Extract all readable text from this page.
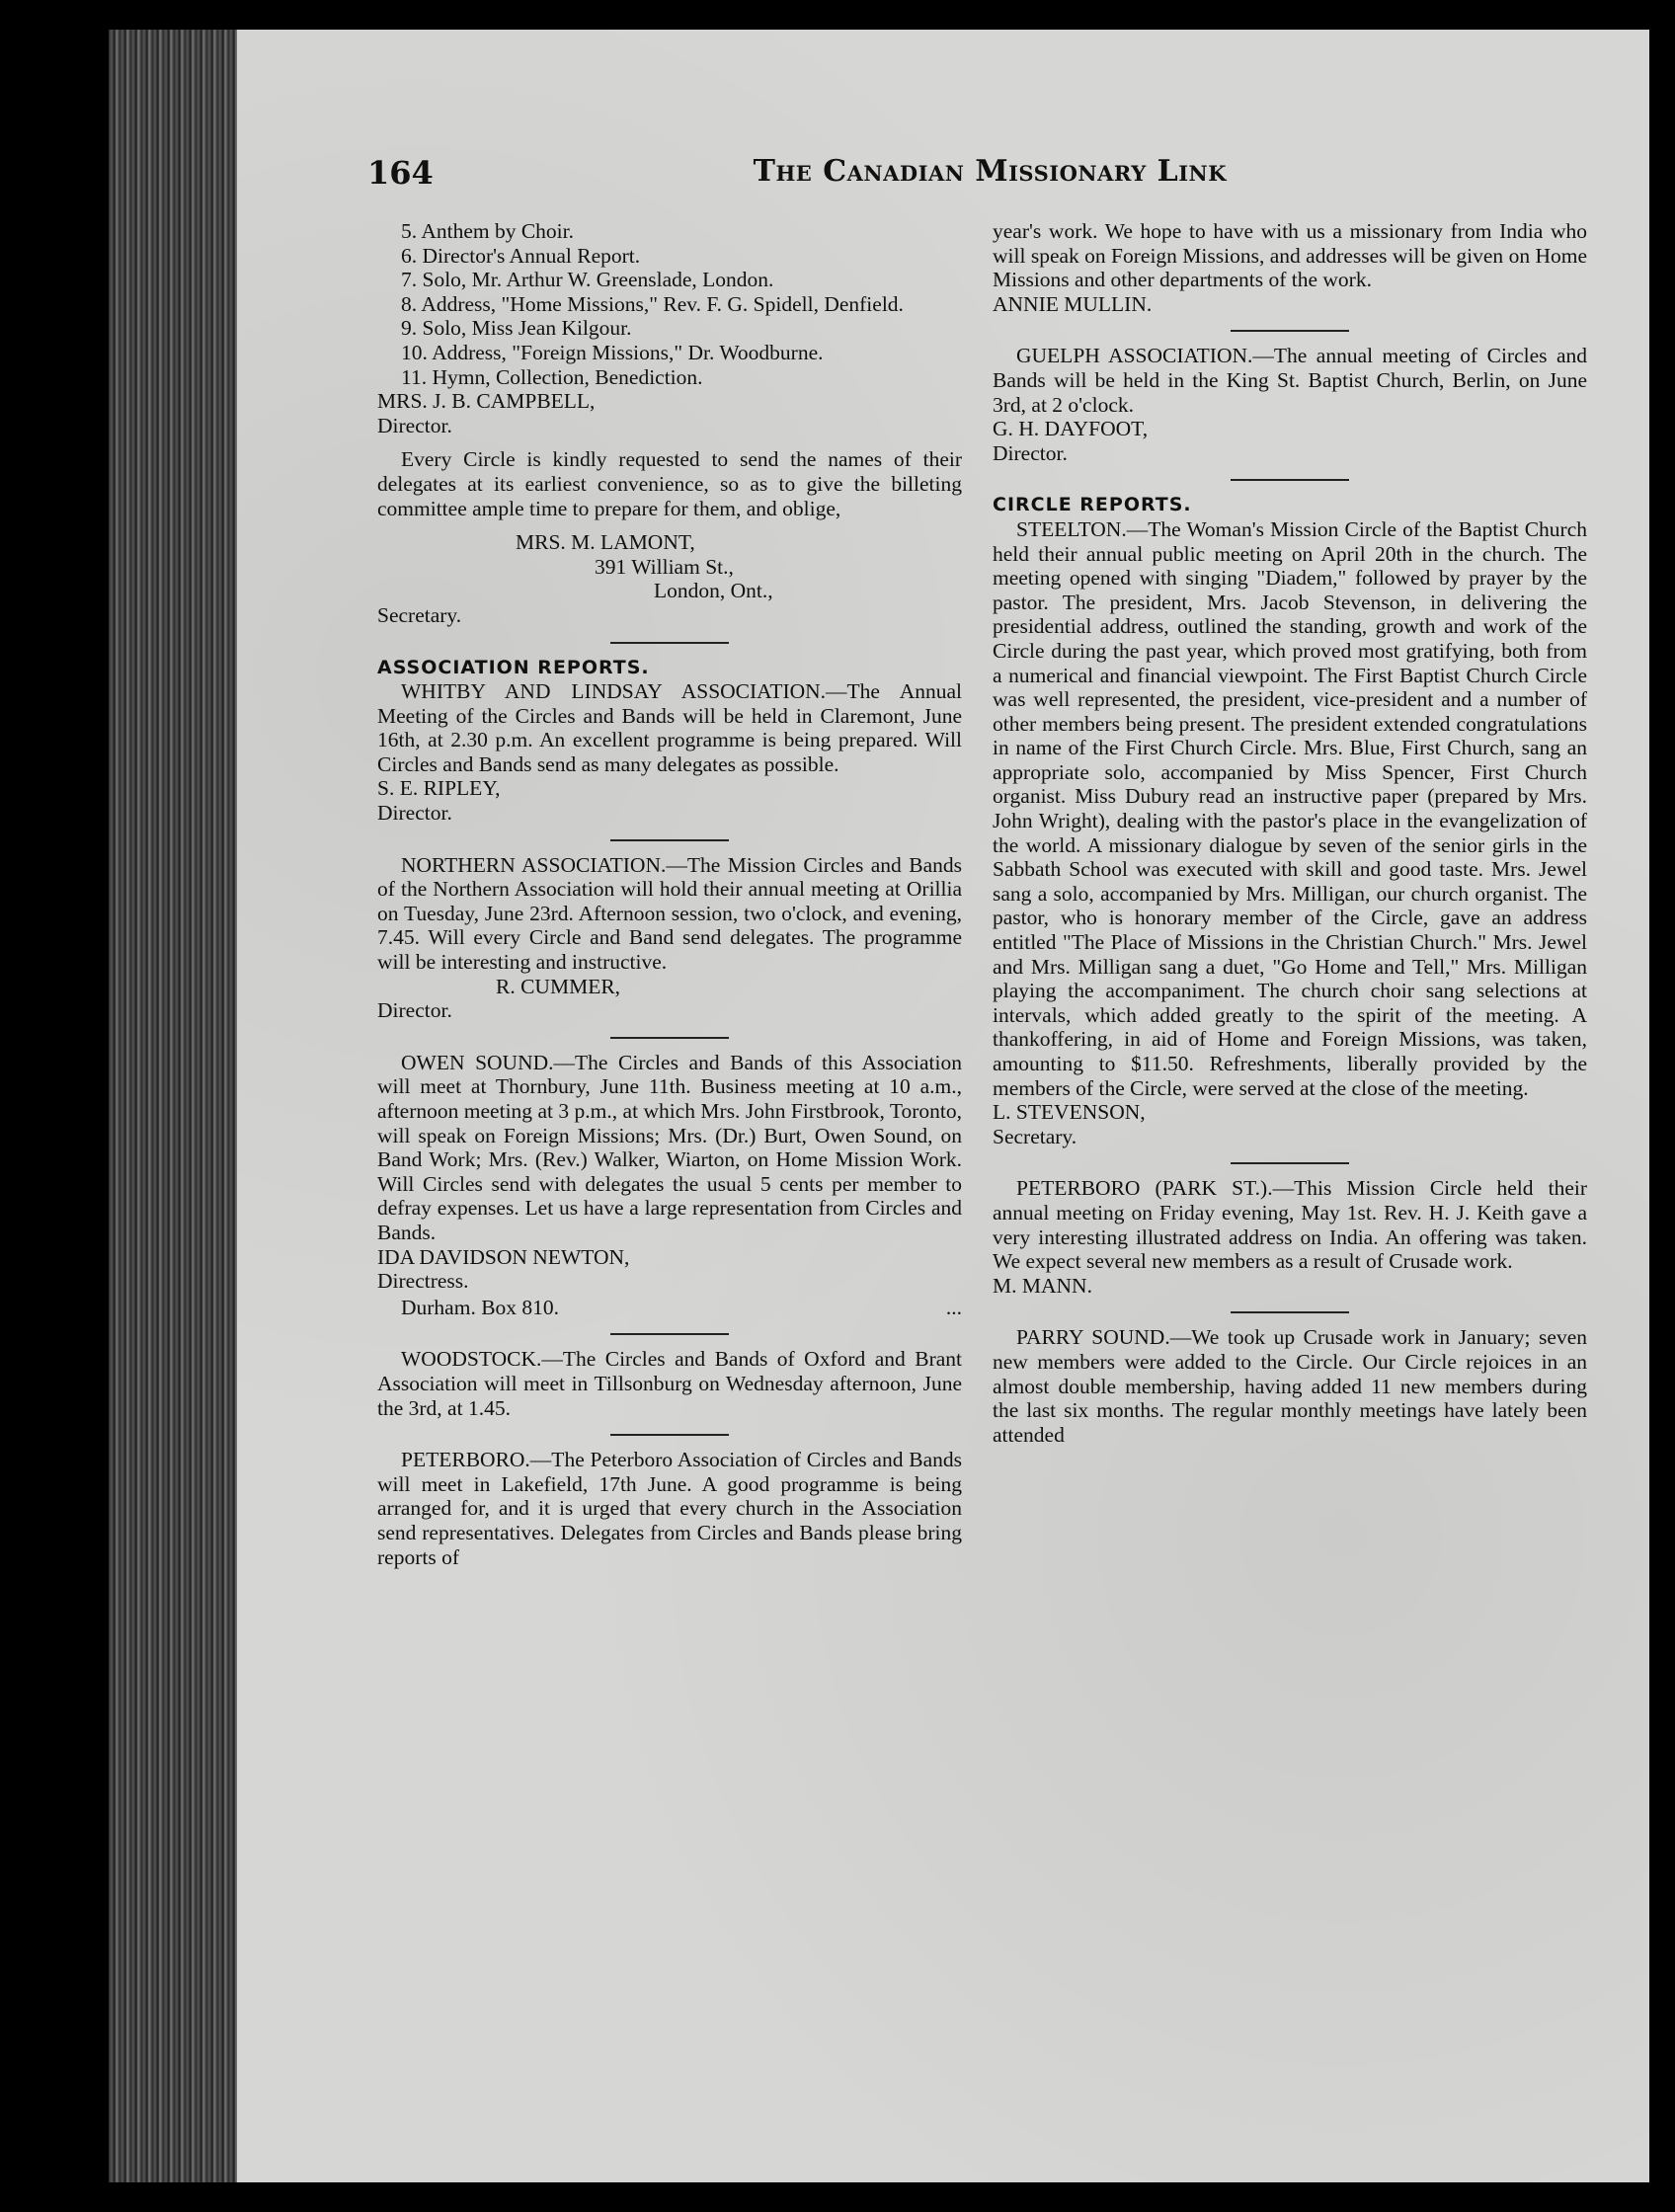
164	The Canadian Missionary Link

5. Anthem by Choir.

6. Director's Annual Report.

7. Solo, Mr. Arthur W. Greenslade, London.

8. Address, "Home Missions," Rev. F. G. Spidell, Denfield.

9. Solo, Miss Jean Kilgour.

10. Address, "Foreign Missions," Dr. Woodburne.

11. Hymn, Collection, Benediction.

MRS. J. B. CAMPBELL,

Director.

Every Circle is kindly requested to send the names of their delegates at its earliest convenience, so as to give the billeting committee ample time to prepare for them, and oblige,

MRS. M. LAMONT,

391 William St.,

London, Ont.,

Secretary.

ASSOCIATION REPORTS.

WHITBY AND LINDSAY ASSOCIATION.—The Annual Meeting of the Circles and Bands will be held in Claremont, June 16th, at 2.30 p.m. An excellent programme is being prepared. Will Circles and Bands send as many delegates as possible.

S. E. RIPLEY,

Director.

NORTHERN ASSOCIATION.—The Mission Circles and Bands of the Northern Association will hold their annual meeting at Orillia on Tuesday, June 23rd. Afternoon session, two o'clock, and evening, 7.45. Will every Circle and Band send delegates. The programme will be interesting and instructive.

R. CUMMER,

Director.

OWEN SOUND.—The Circles and Bands of this Association will meet at Thornbury, June 11th. Business meeting at 10 a.m., afternoon meeting at 3 p.m., at which Mrs. John Firstbrook, Toronto, will speak on Foreign Missions; Mrs. (Dr.) Burt, Owen Sound, on Band Work; Mrs. (Rev.) Walker, Wiarton, on Home Mission Work. Will Circles send with delegates the usual 5 cents per member to defray expenses. Let us have a large representation from Circles and Bands.

IDA DAVIDSON NEWTON,

Directress.

Durham. Box 810.	...

WOODSTOCK.—The Circles and Bands of Oxford and Brant Association will meet in Tillsonburg on Wednesday afternoon, June the 3rd, at 1.45.

PETERBORO.—The Peterboro Association of Circles and Bands will meet in Lakefield, 17th June. A good programme is being arranged for, and it is urged that every church in the Association send representatives. Delegates from Circles and Bands please bring reports of

year's work. We hope to have with us a missionary from India who will speak on Foreign Missions, and addresses will be given on Home Missions and other departments of the work.

ANNIE MULLIN.

GUELPH ASSOCIATION.—The annual meeting of Circles and Bands will be held in the King St. Baptist Church, Berlin, on June 3rd, at 2 o'clock.

G. H. DAYFOOT,

Director.

CIRCLE REPORTS.

STEELTON.—The Woman's Mission Circle of the Baptist Church held their annual public meeting on April 20th in the church. The meeting opened with singing "Diadem," followed by prayer by the pastor. The president, Mrs. Jacob Stevenson, in delivering the presidential address, outlined the standing, growth and work of the Circle during the past year, which proved most gratifying, both from a numerical and financial viewpoint. The First Baptist Church Circle was well represented, the president, vice-president and a number of other members being present. The president extended congratulations in name of the First Church Circle. Mrs. Blue, First Church, sang an appropriate solo, accompanied by Miss Spencer, First Church organist. Miss Dubury read an instructive paper (prepared by Mrs. John Wright), dealing with the pastor's place in the evangelization of the world. A missionary dialogue by seven of the senior girls in the Sabbath School was executed with skill and good taste. Mrs. Jewel sang a solo, accompanied by Mrs. Milligan, our church organist. The pastor, who is honorary member of the Circle, gave an address entitled "The Place of Missions in the Christian Church." Mrs. Jewel and Mrs. Milligan sang a duet, "Go Home and Tell," Mrs. Milligan playing the accompaniment. The church choir sang selections at intervals, which added greatly to the spirit of the meeting. A thankoffering, in aid of Home and Foreign Missions, was taken, amounting to $11.50. Refreshments, liberally provided by the members of the Circle, were served at the close of the meeting.

L. STEVENSON,

Secretary.

PETERBORO (PARK ST.).—This Mission Circle held their annual meeting on Friday evening, May 1st. Rev. H. J. Keith gave a very interesting illustrated address on India. An offering was taken. We expect several new members as a result of Crusade work.

M. MANN.

PARRY SOUND.—We took up Crusade work in January; seven new members were added to the Circle. Our Circle rejoices in an almost double membership, having added 11 new members during the last six months. The regular monthly meetings have lately been attended
